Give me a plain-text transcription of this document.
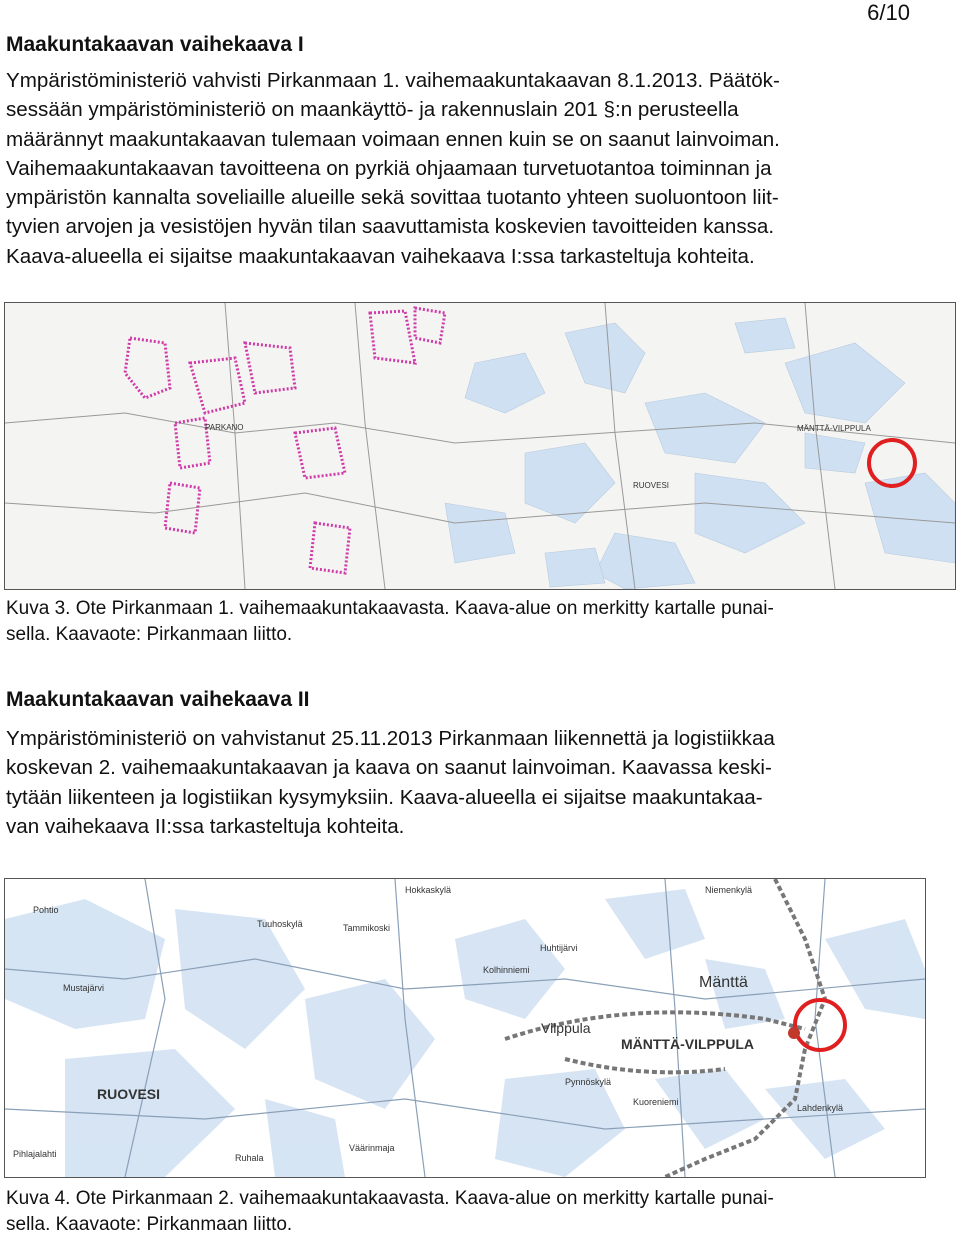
6/10
Maakuntakaavan vaihekaava I

Ympäristöministeriö vahvisti Pirkanmaan 1. vaihemaakuntakaavan 8.1.2013. Päätök-
sessään ympäristöministeriö on maankäyttö- ja rakennuslain 201 §:n perusteella
määrännyt maakuntakaavan tulemaan voimaan ennen kuin se on saanut lainvoiman.
Vaihemaakuntakaavan tavoitteena on pyrkiä ohjaamaan turvetuotantoa toiminnan ja
ympäristön kannalta soveliaille alueille sekä sovittaa tuotanto yhteen suoluontoon liit-
tyvien arvojen ja vesistöjen hyvän tilan saavuttamista koskevien tavoitteiden kanssa.
Kaava-alueella ei sijaitse maakuntakaavan vaihekaava I:ssa tarkasteltuja kohteita.

PARKANO	MÄNTTÄ-VILPPULA
RUOVESI

Kuva 3. Ote Pirkanmaan 1. vaihemaakuntakaavasta. Kaava-alue on merkitty kartalle punai-
sella. Kaavaote: Pirkanmaan liitto.

Maakuntakaavan vaihekaava II

Ympäristöministeriö on vahvistanut 25.11.2013 Pirkanmaan liikennettä ja logistiikkaa
koskevan 2. vaihemaakuntakaavan ja kaava on saanut lainvoiman. Kaavassa keski-
tytään liikenteen ja logistiikan kysymyksiin. Kaava-alueella ei sijaitse maakuntakaa-
van vaihekaava II:ssa tarkasteltuja kohteita.

Hokkaskylä	Niemenkylä
Pohtio
Tuuhoskylä	Tammikoski
Huhtijärvi
Kolhinniemi
Mänttä
Mustajärvi
Vilppula
MÄNTTÄ-VILPPULA
RUOVESI
Pynnöskylä
Kuoreniemi
Lahdenkylä
Ruhala
Väärinmaja
Pihlajalahti

Kuva 4. Ote Pirkanmaan 2. vaihemaakuntakaavasta. Kaava-alue on merkitty kartalle punai-
sella. Kaavaote: Pirkanmaan liitto.
